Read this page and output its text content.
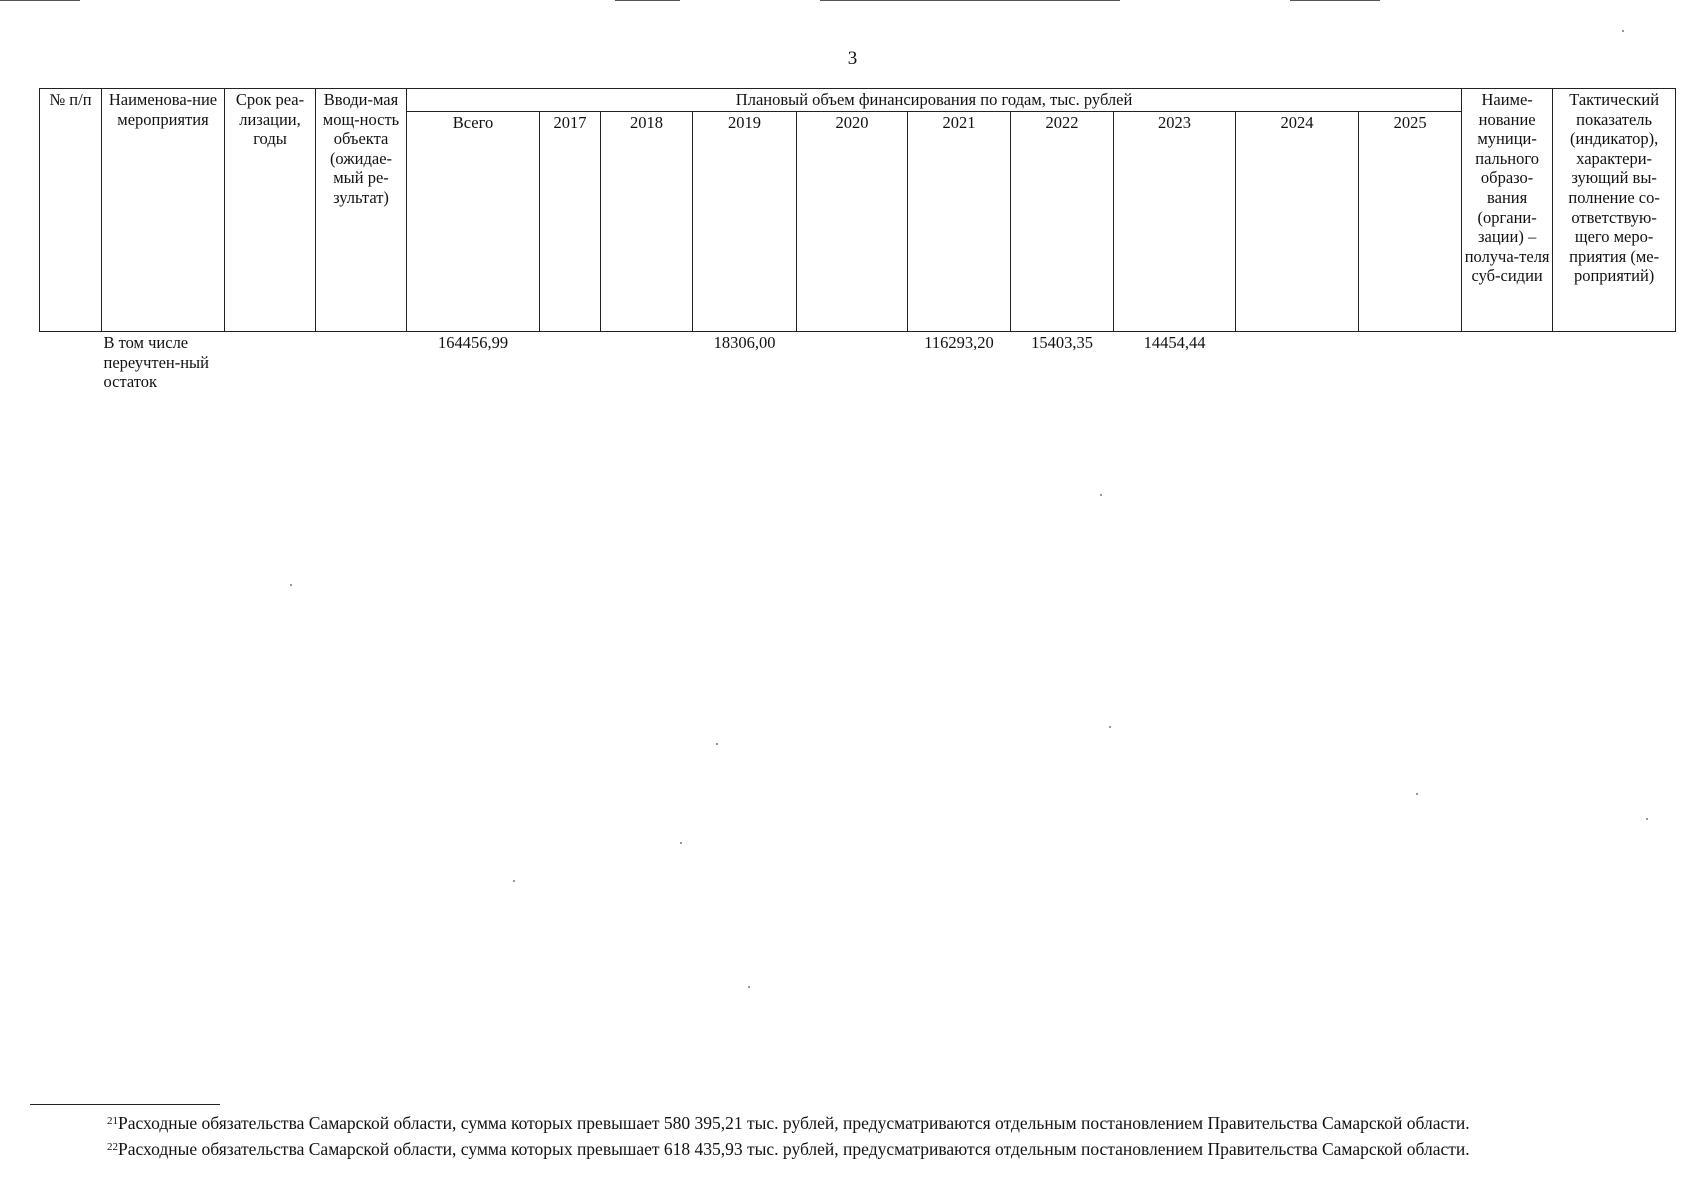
3
№ п/п	Наименова-ние мероприятия	Срок реа-лизации, годы	Вводи-мая мощ-ность объекта (ожидае-мый ре-зультат)	Плановый объем финансирования по годам, тыс. рублей										Наиме-нование муници-пального образо-вания (органи-зации) – получа-теля суб-сидии	Тактический показатель (индикатор), характери-зующий вы-полнение со-ответствую-щего меро-приятия (ме-роприятий)
				Всего	2017	2018	2019	2020	2021	2022	2023	2024	2025		
	В том числе переучтен-ный остаток			164456,99			18306,00		116293,20	15403,35	14454,44				
$^{21}$Расходные обязательства Самарской области, сумма которых превышает 580 395,21 тыс. рублей, предусматриваются отдельным постановлением Правительства Самарской области.
$^{22}$Расходные обязательства Самарской области, сумма которых превышает 618 435,93 тыс. рублей, предусматриваются отдельным постановлением Правительства Самарской области.
